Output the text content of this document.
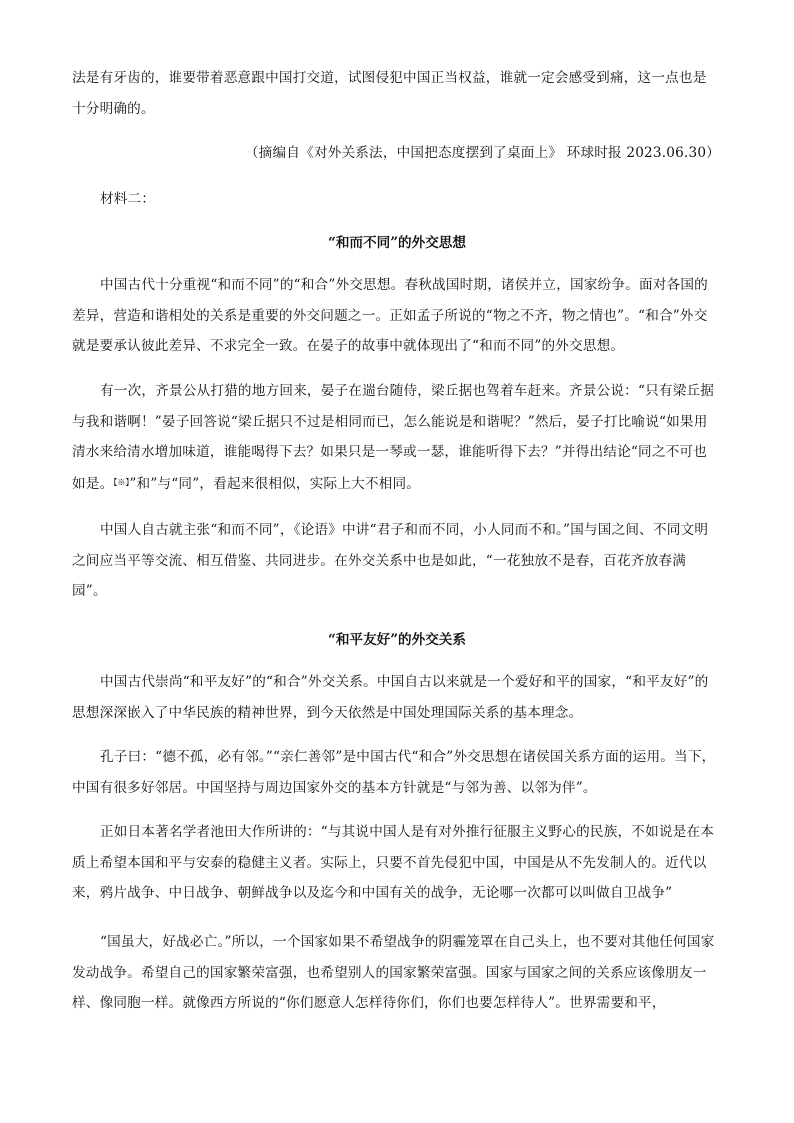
法是有牙齿的，谁要带着恶意跟中国打交道，试图侵犯中国正当权益，谁就一定会感受到痛，这一点也是十分明确的。

（摘编自《对外关系法，中国把态度摆到了桌面上》 环球时报 2023.06.30）

材料二：

“和而不同”的外交思想

中国古代十分重视“和而不同”的“和合”外交思想。春秋战国时期，诸侯并立，国家纷争。面对各国的差异，营造和谐相处的关系是重要的外交问题之一。正如孟子所说的“物之不齐，物之情也”。“和合”外交就是要承认彼此差异、不求完全一致。在晏子的故事中就体现出了“和而不同”的外交思想。

有一次，齐景公从打猎的地方回来，晏子在遄台随侍，梁丘据也驾着车赶来。齐景公说：“只有梁丘据与我和谐啊！”晏子回答说“梁丘据只不过是相同而已，怎么能说是和谐呢？”然后，晏子打比喻说“如果用清水来给清水增加味道，谁能喝得下去？如果只是一琴或一瑟，谁能听得下去？”并得出结论“同之不可也如是。【※】”和”与“同”，看起来很相似，实际上大不相同。

中国人自古就主张“和而不同”，《论语》中讲“君子和而不同，小人同而不和。”国与国之间、不同文明之间应当平等交流、相互借鉴、共同进步。在外交关系中也是如此，“一花独放不是春，百花齐放春满园”。

“和平友好”的外交关系

中国古代崇尚“和平友好”的“和合”外交关系。中国自古以来就是一个爱好和平的国家，“和平友好”的思想深深嵌入了中华民族的精神世界，到今天依然是中国处理国际关系的基本理念。

孔子曰：“德不孤，必有邻。”“亲仁善邻”是中国古代“和合”外交思想在诸侯国关系方面的运用。当下，中国有很多好邻居。中国坚持与周边国家外交的基本方针就是“与邻为善、以邻为伴”。

正如日本著名学者池田大作所讲的：“与其说中国人是有对外推行征服主义野心的民族，不如说是在本质上希望本国和平与安泰的稳健主义者。实际上，只要不首先侵犯中国，中国是从不先发制人的。近代以来，鸦片战争、中日战争、朝鲜战争以及迄今和中国有关的战争，无论哪一次都可以叫做自卫战争”

“国虽大，好战必亡。”所以，一个国家如果不希望战争的阴霾笼罩在自己头上，也不要对其他任何国家发动战争。希望自己的国家繁荣富强，也希望别人的国家繁荣富强。国家与国家之间的关系应该像朋友一样、像同胞一样。就像西方所说的“你们愿意人怎样待你们，你们也要怎样待人”。世界需要和平，
